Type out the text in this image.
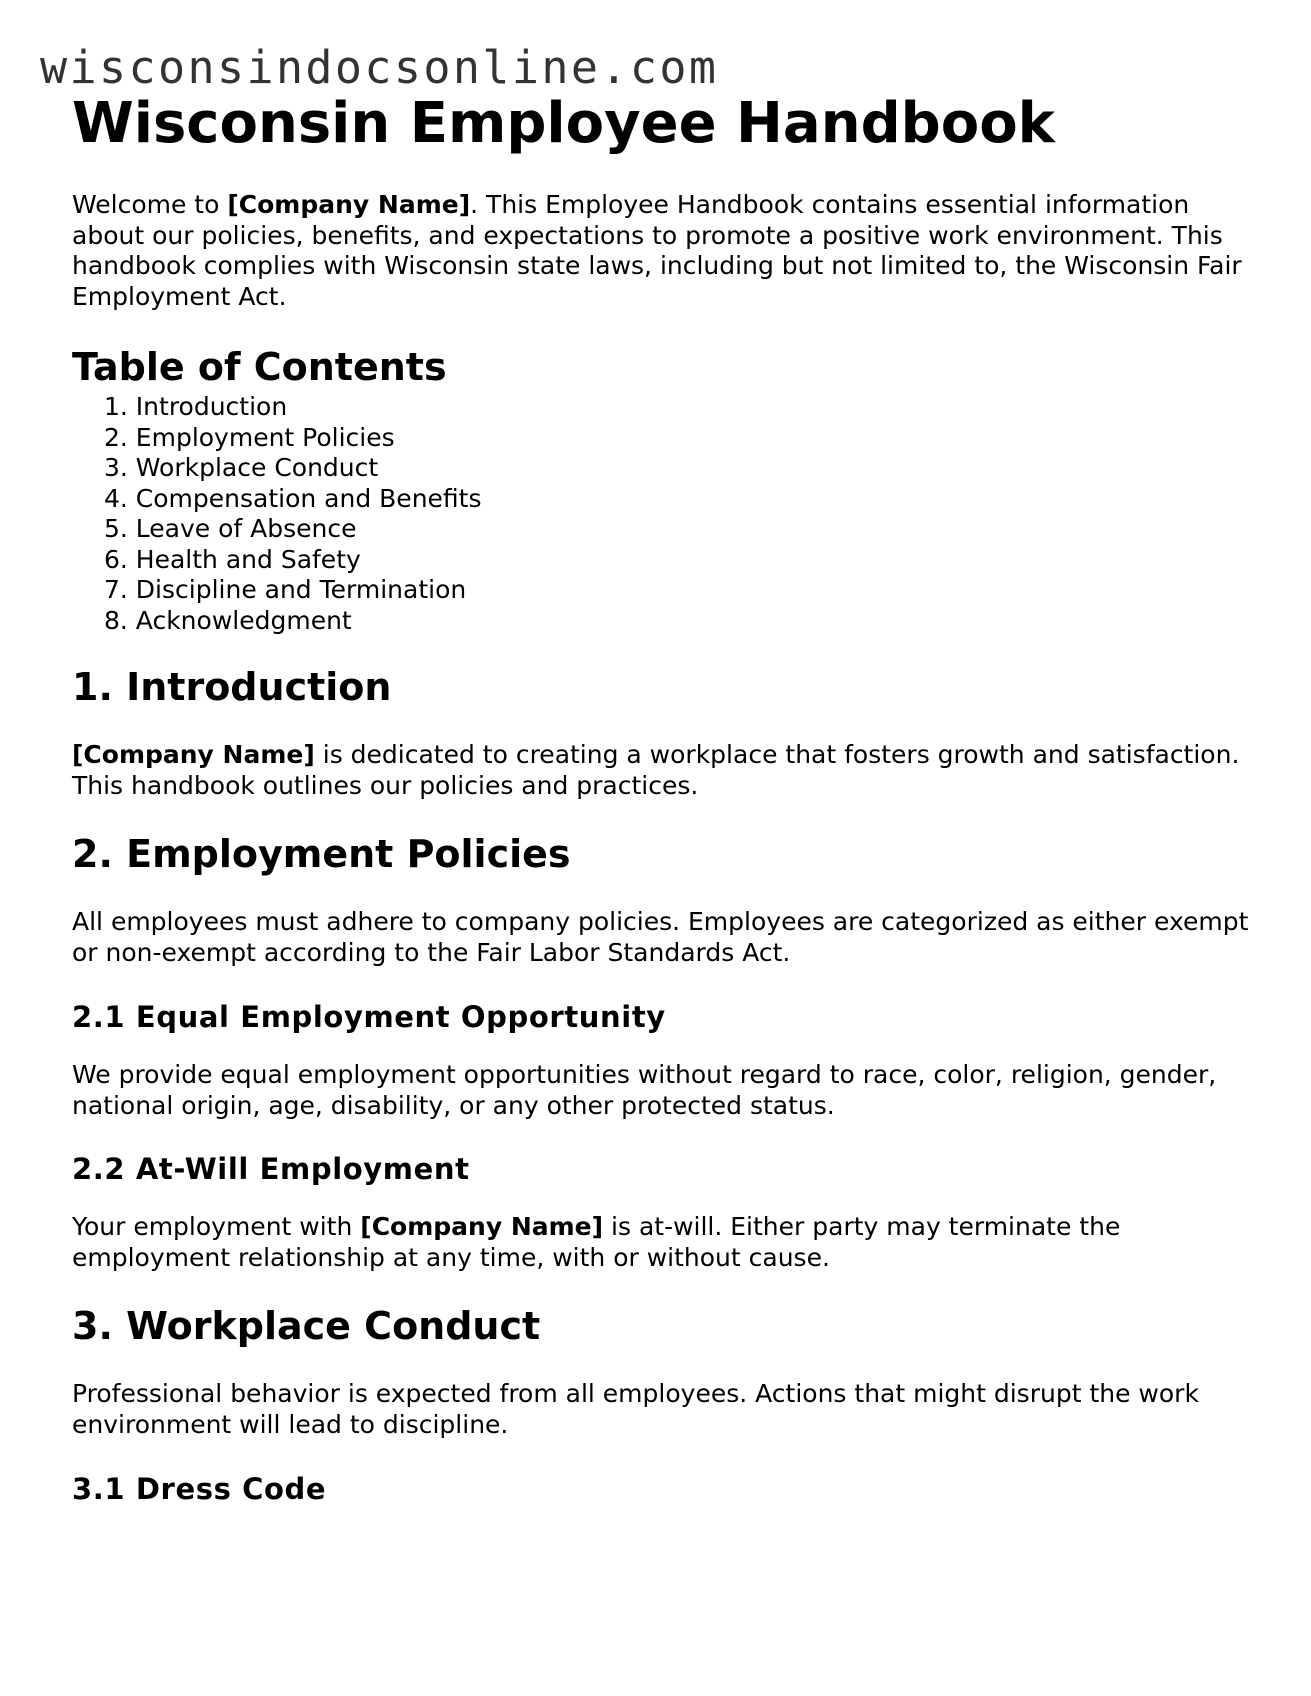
wisconsindocsonline.com
Wisconsin Employee Handbook

Welcome to [Company Name]. This Employee Handbook contains essential information about our policies, benefits, and expectations to promote a positive work environment. This handbook complies with Wisconsin state laws, including but not limited to, the Wisconsin Fair Employment Act.

Table of Contents
1. Introduction
2. Employment Policies
3. Workplace Conduct
4. Compensation and Benefits
5. Leave of Absence
6. Health and Safety
7. Discipline and Termination
8. Acknowledgment
1. Introduction

[Company Name] is dedicated to creating a workplace that fosters growth and satisfaction. This handbook outlines our policies and practices.

2. Employment Policies

All employees must adhere to company policies. Employees are categorized as either exempt or non-exempt according to the Fair Labor Standards Act.

2.1 Equal Employment Opportunity

We provide equal employment opportunities without regard to race, color, religion, gender, national origin, age, disability, or any other protected status.

2.2 At-Will Employment

Your employment with [Company Name] is at-will. Either party may terminate the employment relationship at any time, with or without cause.

3. Workplace Conduct

Professional behavior is expected from all employees. Actions that might disrupt the work environment will lead to discipline.

3.1 Dress Code
